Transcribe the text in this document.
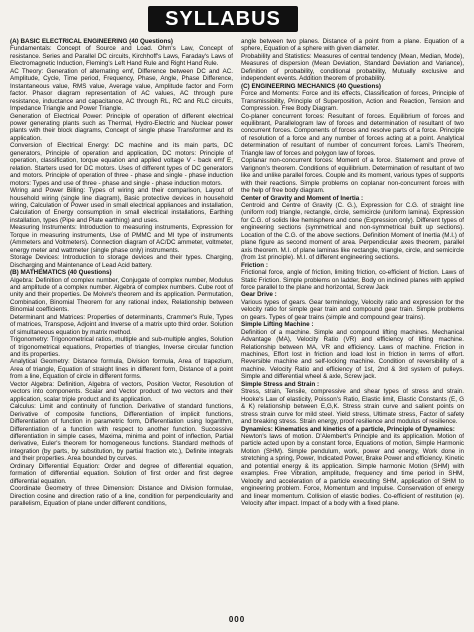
SYLLABUS

(A) BASIC ELECTRICAL ENGINEERING (40 Questions)

Fundamentals: Concept of Source and Load. Ohm's Law, Concept of resistance. Series and Parallel DC circuits, Kirchhoff's Laws, Faraday's Laws of Electromagnetic Induction, Fleming's Left Hand Rule and Right Hand Rule.

AC Theory: Generation of alternating emf, Difference between DC and AC. Amplitude, Cycle, Time period, Frequency, Phase, Angle, Phase Difference, Instantaneous value, RMS value, Average value, Amplitude factor and Form factor. Phasor diagram representation of AC values, AC through pure resistance, inductance and capacitance, AC through RL, RC and RLC circuits, Impedance Triangle and Power Triangle.

Generation of Electrical Power: Principle of operation of different electrical power generating plants such as Thermal, Hydro-Electric and Nuclear power plants with their block diagrams, Concept of single phase Transformer and its application.

Conversion of Electrical Energy: DC machine and its main parts, DC generators, Principle of operation and application, DC motors: Principle of operation, classification, torque equation and applied voltage V - back emf E, relation. Starters used for DC motors. Uses of different types of DC generators and motors. Principle of operation of three - phase and single - phase induction motors: Types and use of three - phase and single - phase induction motors.

Wiring and Power Billing: Types of wiring and their comparison, Layout of household wiring (single line diagram), Basic protective devices in household wiring, Calculation of Power used in small electrical appliances and installation, Calculation of Energy consumption in small electrical installations, Earthing installation, types (Pipe and Plate earthing) and uses.

Measuring Instruments: Introduction to measuring instruments, Expression for Torque in measuring instruments, Use of PMMC and MI type of instruments (Ammeters and Voltmeters). Connection diagram of AC/DC ammeter, voltmeter, energy meter and wattmeter (single phase only) instruments.

Storage Devices: Introduction to storage devices and their types. Charging, Discharging and Maintenance of Lead Acid battery.

(B) MATHEMATICS (40 Questions)

Algebra: Definition of complex number, Conjugate of complex number, Modulus and amplitude of a complex number. Algebra of complex numbers. Cube root of unity and their properties. De Moivre's theorem and its application. Permutation, Combination, Binomial Theorem for any rational index, Relationship between Binomial coefficients.

Determinant and Matrices: Properties of determinants, Crammer's Rule, Types of matrices, Transpose, Adjoint and Inverse of a matrix upto third order. Solution of simultaneous equation by matrix method.

Trigonometry: Trigonometrical ratios, multiple and sub-multiple angles, Solution of trigonometrical equations, Properties of triangles, Inverse circular function and its properties.

Analytical Geometry: Distance formula, Division formula, Area of trapezium, Area of triangle, Equation of straight lines in different form, Distance of a point from a line, Equation of circle in different forms.

Vector Algebra: Definition, Algebra of vectors, Position Vector, Resolution of vectors into components. Scalar and Vector product of two vectors and their application, scalar triple product and its application.

Calculus: Limit and continuity of function. Derivative of standard functions, Derivative of composite functions, Differentiation of implicit functions, Differentiation of function in parametric form, Differentiation using logarithm, Differentiation of a function with respect to another function. Successive differentiation in simple cases, Maxima, minima and point of inflection, Partial derivative, Euler's theorem for homogeneous functions. Standard methods of integration (by parts, by substitution, by partial fraction etc.), Definite integrals and their properties. Area bounded by curves.

Ordinary Differential Equation: Order and degree of differential equation, formation of differential equation. Solution of first order and first degree differential equation.

Coordinate Geometry of three Dimension: Distance and Division formulae, Direction cosine and direction ratio of a line, condition for perpendicularity and parallelism, Equation of plane under different conditions,

angle between two planes. Distance of a point from a plane. Equation of a sphere, Equation of a sphere with given diameter.

Probability and Statistics: Measures of central tendency (Mean, Median, Mode), Measures of dispersion (Mean Deviation, Standard Deviation and Variance), Definition of probability, conditional probability, Mutually exclusive and independent events. Addition theorem of probability.

(C) ENGINEERING MECHANICS (40 Questions)

Force and Moments: Force and its effects, Classification of forces, Principle of Transmissibility, Principle of Superposition, Action and Reaction, Tension and Compression. Free Body Diagram.

Co-planer concurrent forces: Resultant of forces. Equilibrium of forces and equilibrant, Parallelogram law of forces and determination of resultant of two concurrent forces. Components of forces and resolve parts of a force. Principle of resolution of a force and any number of forces acting at a point. Analytical determination of resultant of number of concurrent forces. Lami's Theorem, Triangle law of forces and polygon law of forces.

Coplanar non-concurrent forces: Moment of a force. Statement and prove of Varignon's theorem. Conditions of equilibrium. Determination of resultant of two like and unlike parallel forces. Couple and its moment, various types of supports with their reactions. Simple problems on coplanar non-concurrent forces with the help of free body diagram.

Center of Gravity and Moment of Inertia :

Centroid and Centre of Gravity (C. G.), Expression for C.G. of straight line (uniform rod) triangle, rectangle, circle, semicircle (uniform lamina). Expression for C.G. of solids like hemisphere and cone (Expression only). Different types of engineering sections (symmetrical and non-symmetrical built up sections). Location of the C.G. of the above sections. Definition Moment of Inertia (M.I.) of plane figure as second moment of area. Perpendicular axes theorem, parallel axis theorem. M.I. of plane laminas like rectangle, triangle, circle, and semicircle (from 1st principle). M.I. of different engineering sections.

Friction :

Frictional force, angle of friction, limiting friction, co-efficient of friction. Laws of Static Friction. Simple problems on ladder, Body on inclined planes with applied force parallel to the plane and horizontal, Screw Jack

Gear Drive :

Various types of gears. Gear terminology, Velocity ratio and expression for the velocity ratio for simple gear train and compound gear train. Simple problems on gears. Types of gear trains (simple and compound gear trains).

Simple Lifting Machine :

Definition of a machine. Simple and compound lifting machines. Mechanical Advantage (MA), Velocity Ratio (VR) and efficiency of lifting machine. Relationship between MA, VR and efficiency. Laws of machine. Friction in machines, Effort lost in friction and load lost in friction in terms of effort. Reversible machine and self-locking machine. Condition of reversibility of a machine. Velocity Ratio and efficiency of 1st, 2nd & 3rd system of pulleys. Simple and differential wheel & axle, Screw jack.

Simple Stress and Strain :

Stress, strain, Tensile, compressive and shear types of stress and strain. Hooke's Law of elasticity, Poisson's Ratio, Elastic limit, Elastic Constants (E, G & K) relationship between E,G,K. Stress strain curve and salient points on stress strain curve for mild steel. Yield stress, Ultimate stress, Factor of safety and breaking stress. Strain energy, proof resilience and modulus of resilience.

Dynamics: Kinematics and kinetics of a particle, Principle of Dynamics:

Newton's laws of motion. D'Alembert's Principle and its application. Motion of particle acted upon by a constant force, Equations of motion, Simple Harmonic Motion (SHM). Simple pendulum, work, power and energy, Work done in stretching a spring, Power, Indicated Power, Brake Power and efficiency. Kinetic and potential energy & its application. Simple harmonic Motion (SHM) with examples. Free Vibration, amplitude, frequency and time period in SHM, Velocity and acceleration of a particle executing SHM, application of SHM to engineering problem. Force, Momentum and Impulse. Conservation of energy and linear momentum. Collision of elastic bodies. Co-efficient of restitution (e). Velocity after impact. Impact of a body with a fixed plane.

000
